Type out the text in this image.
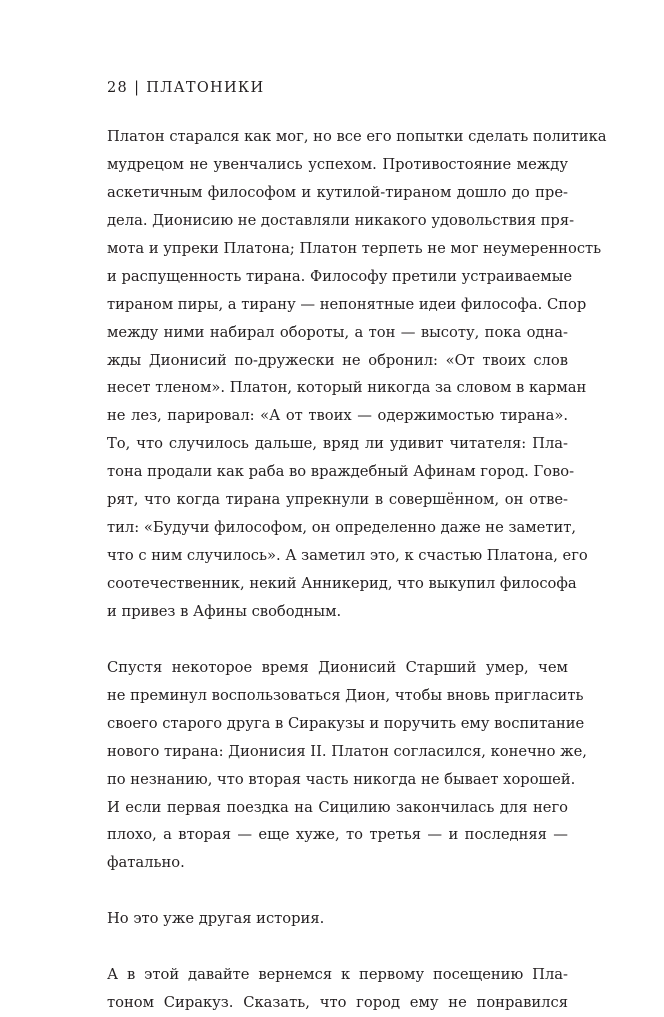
28 | ПЛАТОНИКИ
Платон старался как мог, но все его попытки сделать политика
мудрецом не увенчались успехом. Противостояние между
аскетичным философом и кутилой-тираном дошло до пре-
дела. Дионисию не доставляли никакого удовольствия пря-
мота и упреки Платона; Платон терпеть не мог неумеренность
и распущенность тирана. Философу претили устраиваемые
тираном пиры, а тирану — непонятные идеи философа. Спор
между ними набирал обороты, а тон — высоту, пока одна-
жды Дионисий по-дружески не обронил: «От твоих слов
несет тленом». Платон, который никогда за словом в карман
не лез, парировал: «А от твоих — одержимостью тирана».
То, что случилось дальше, вряд ли удивит читателя: Пла-
тона продали как раба во враждебный Афинам город. Гово-
рят, что когда тирана упрекнули в совершённом, он отве-
тил: «Будучи философом, он определенно даже не заметит,
что с ним случилось». А заметил это, к счастью Платона, его
соотечественник, некий Анникерид, что выкупил философа
и привез в Афины свободным.
Спустя некоторое время Дионисий Старший умер, чем
не преминул воспользоваться Дион, чтобы вновь пригласить
своего старого друга в Сиракузы и поручить ему воспитание
нового тирана: Дионисия II. Платон согласился, конечно же,
по незнанию, что вторая часть никогда не бывает хорошей.
И если первая поездка на Сицилию закончилась для него
плохо, а вторая — еще хуже, то третья — и последняя —
фатально.
Но это уже другая история.
А в этой давайте вернемся к первому посещению Пла-
тоном Сиракуз. Сказать, что город ему не понравился
